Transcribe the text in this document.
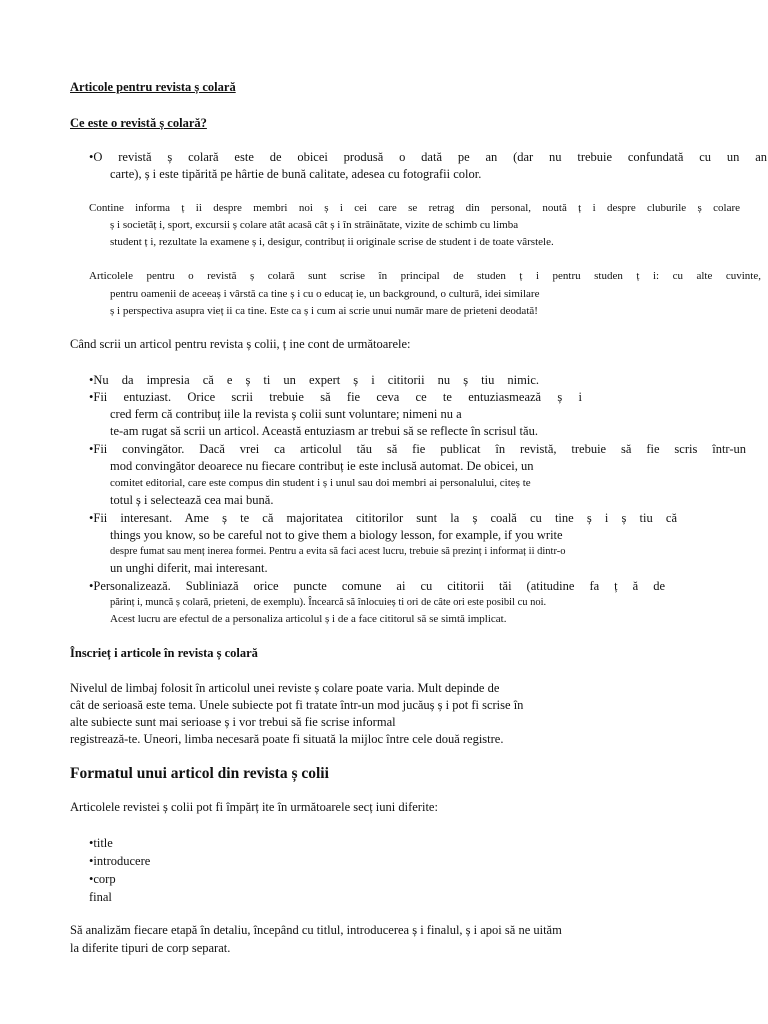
Articole pentru revista ș colară
Ce este o revistă ș colară?
•O revistă ș colară este de obicei produsă o dată pe an (dar nu trebuie confundată cu un an
carte), ș i este tipărită pe hârtie de bună calitate, adesea cu fotografii color.
Contine informa ț ii despre membri noi ș i cei care se retrag din personal, noută ț i despre cluburile ș colare
ș i societăț i, sport, excursii ș colare atât acasă cât ș i în străinătate, vizite de schimb cu limba
student ț i, rezultate la examene ș i, desigur, contribuț ii originale scrise de student i de toate vârstele.
Articolele pentru o revistă ș colară sunt scrise în principal de studen ț i pentru studen ț i: cu alte cuvinte,
pentru oamenii de aceeaș i vârstă ca tine ș i cu o educaț ie, un background, o cultură, idei similare
ș i perspectiva asupra vieț ii ca tine. Este ca ș i cum ai scrie unui număr mare de prieteni deodată!
Când scrii un articol pentru revista ș colii, ț ine cont de următoarele:
•Nu da impresia că e ș ti un expert ș i cititorii nu ș tiu nimic.
•Fii entuziast. Orice scrii trebuie să fie ceva ce te entuziasmează ș i
cred ferm că contribuț iile la revista ș colii sunt voluntare; nimeni nu a
te-am rugat să scrii un articol. Această entuziasm ar trebui să se reflecte în scrisul tău.
•Fii convingător. Dacă vrei ca articolul tău să fie publicat în revistă, trebuie să fie scris într-un
mod convingător deoarece nu fiecare contribuț ie este inclusă automat. De obicei, un
comitet editorial, care este compus din student i ș i unul sau doi membri ai personalului, citeș te
totul ș i selectează cea mai bună.
•Fii interesant. Ame ș te că majoritatea cititorilor sunt la ș coală cu tine ș i ș tiu că
things you know, so be careful not to give them a biology lesson, for example, if you write
despre fumat sau menț inerea formei. Pentru a evita să faci acest lucru, trebuie să prezinț i informaț ii dintr-o
un unghi diferit, mai interesant.
•Personalizează. Subliniază orice puncte comune ai cu cititorii tăi (atitudine fa ț ă de
părinț i, muncă ș colară, prieteni, de exemplu). Încearcă să înlocuieș ti ori de câte ori este posibil cu noi.
Acest lucru are efectul de a personaliza articolul ș i de a face cititorul să se simtă implicat.
Înscrieț i articole în revista ș colară
Nivelul de limbaj folosit în articolul unei reviste ș colare poate varia. Mult depinde de
cât de serioasă este tema. Unele subiecte pot fi tratate într-un mod jucăuș ș i pot fi scrise în
alte subiecte sunt mai serioase ș i vor trebui să fie scrise informal
registrează-te. Uneori, limba necesară poate fi situată la mijloc între cele două registre.
Formatul unui articol din revista ș colii
Articolele revistei ș colii pot fi împărț ite în următoarele secț iuni diferite:
•title
•introducere
•corp
final
Să analizăm fiecare etapă în detaliu, începând cu titlul, introducerea ș i finalul, ș i apoi să ne uităm
la diferite tipuri de corp separat.
